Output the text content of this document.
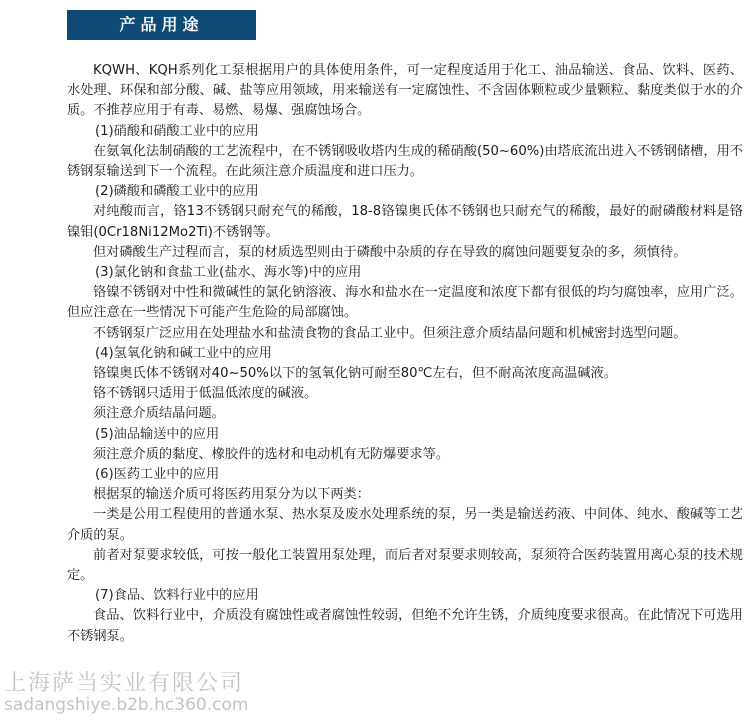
产品用途

KQWH、KQH系列化工泵根据用户的具体使用条件，可一定程度适用于化工、油品输送、食品、饮料、医药、水处理、环保和部分酸、碱、盐等应用领域，用来输送有一定腐蚀性、不含固体颗粒或少量颗粒、黏度类似于水的介质。不推荐应用于有毒、易燃、易爆、强腐蚀场合。

(1)硝酸和硝酸工业中的应用

在氨氧化法制硝酸的工艺流程中，在不锈钢吸收塔内生成的稀硝酸(50~60%)由塔底流出进入不锈钢储槽，用不锈钢泵输送到下一个流程。在此须注意介质温度和进口压力。

(2)磷酸和磷酸工业中的应用

对纯酸而言，铬13不锈钢只耐充气的稀酸，18-8铬镍奥氏体不锈钢也只耐充气的稀酸，最好的耐磷酸材料是铬镍钼(0Cr18Ni12Mo2Ti)不锈钢等。

但对磷酸生产过程而言，泵的材质选型则由于磷酸中杂质的存在导致的腐蚀问题要复杂的多，须慎待。

(3)氯化钠和食盐工业(盐水、海水等)中的应用

铬镍不锈钢对中性和微碱性的氯化钠溶液、海水和盐水在一定温度和浓度下都有很低的均匀腐蚀率，应用广泛。但应注意在一些情况下可能产生危险的局部腐蚀。

不锈钢泵广泛应用在处理盐水和盐渍食物的食品工业中。但须注意介质结晶问题和机械密封选型问题。

(4)氢氧化钠和碱工业中的应用

铬镍奥氏体不锈钢对40~50%以下的氢氧化钠可耐至80℃左右，但不耐高浓度高温碱液。

铬不锈钢只适用于低温低浓度的碱液。

须注意介质结晶问题。

(5)油品输送中的应用

须注意介质的黏度、橡胶件的选材和电动机有无防爆要求等。

(6)医药工业中的应用

根据泵的输送介质可将医药用泵分为以下两类：

一类是公用工程使用的普通水泵、热水泵及废水处理系统的泵，另一类是输送药液、中间体、纯水、酸碱等工艺介质的泵。

前者对泵要求较低，可按一般化工装置用泵处理，而后者对泵要求则较高，泵须符合医药装置用离心泵的技术规定。

(7)食品、饮料行业中的应用

食品、饮料行业中，介质没有腐蚀性或者腐蚀性较弱，但绝不允许生锈，介质纯度要求很高。在此情况下可选用不锈钢泵。

上海萨当实业有限公司
sadangshiye.b2b.hc360.com
